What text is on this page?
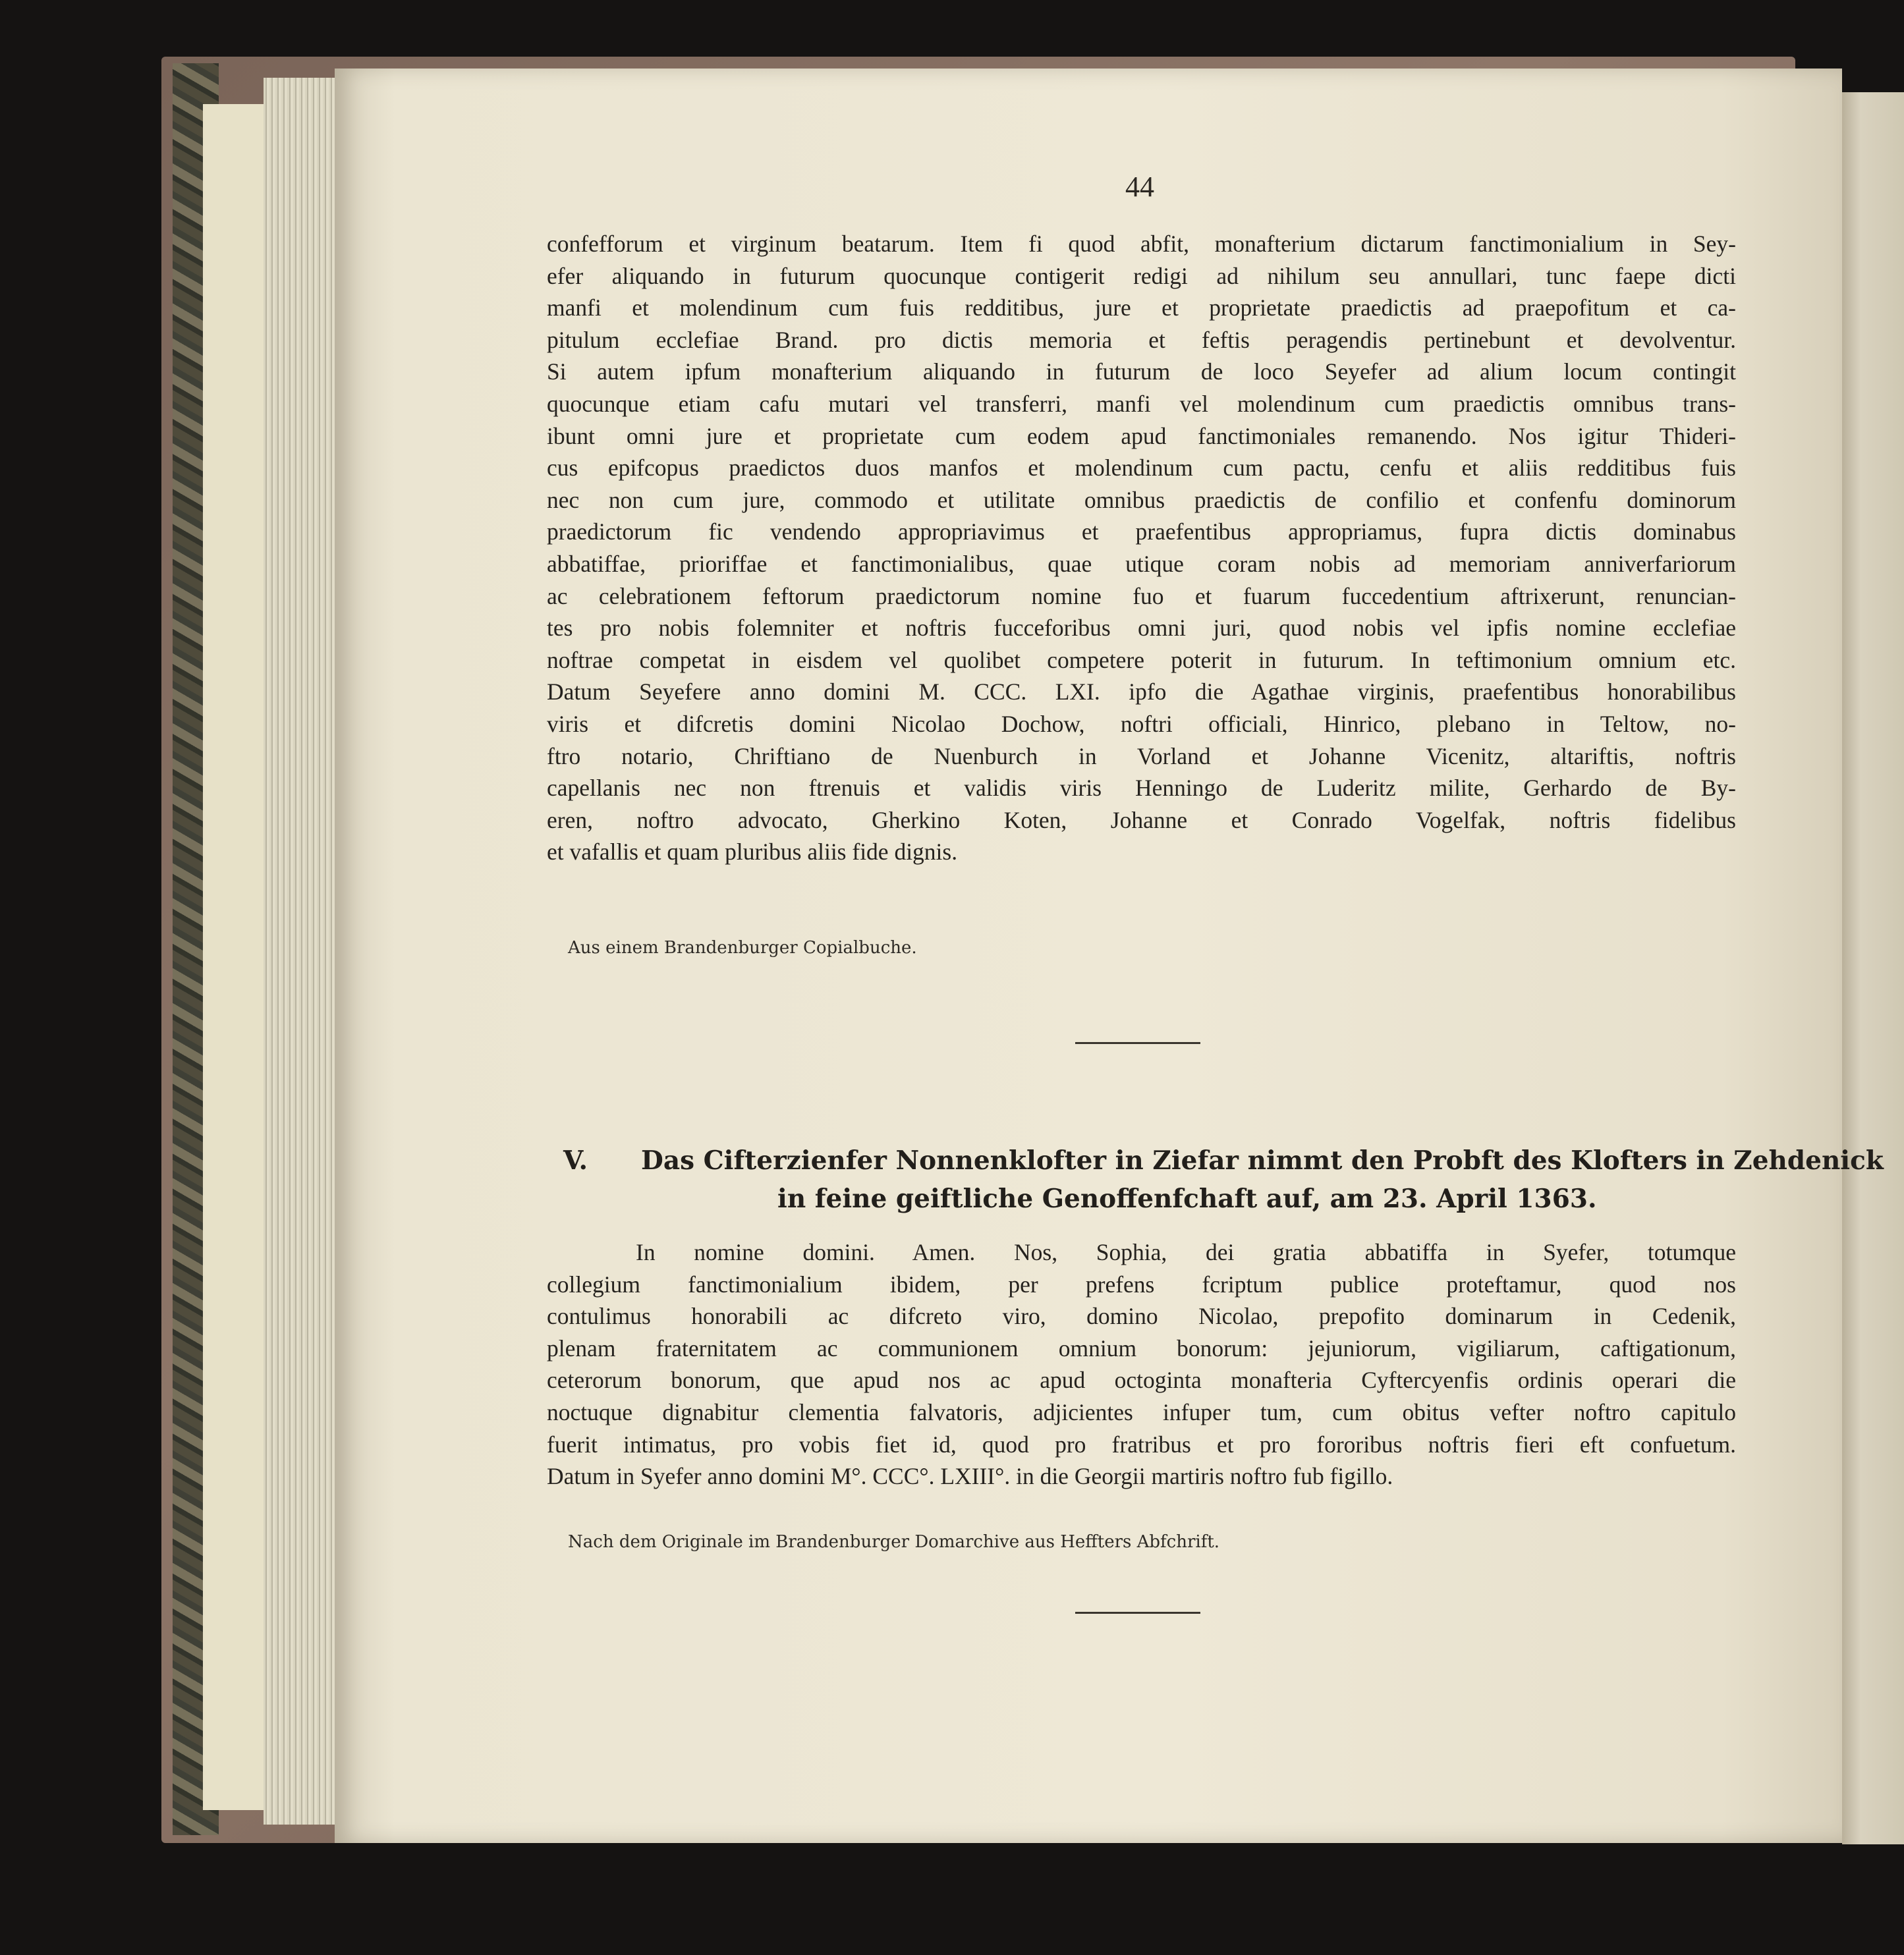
44
confefforum et virginum beatarum. Item fi quod abfit, monafterium dictarum fanctimonialium in Sey-
efer aliquando in futurum quocunque contigerit redigi ad nihilum seu annullari, tunc faepe dicti
manfi et molendinum cum fuis redditibus, jure et proprietate praedictis ad praepofitum et ca-
pitulum ecclefiae Brand. pro dictis memoria et feftis peragendis pertinebunt et devolventur.
Si autem ipfum monafterium aliquando in futurum de loco Seyefer ad alium locum contingit
quocunque etiam cafu mutari vel transferri, manfi vel molendinum cum praedictis omnibus trans-
ibunt omni jure et proprietate cum eodem apud fanctimoniales remanendo. Nos igitur Thideri-
cus epifcopus praedictos duos manfos et molendinum cum pactu, cenfu et aliis redditibus fuis
nec non cum jure, commodo et utilitate omnibus praedictis de confilio et confenfu dominorum
praedictorum fic vendendo appropriavimus et praefentibus appropriamus, fupra dictis dominabus
abbatiffae, prioriffae et fanctimonialibus, quae utique coram nobis ad memoriam anniverfariorum
ac celebrationem feftorum praedictorum nomine fuo et fuarum fuccedentium aftrixerunt, renuncian-
tes pro nobis folemniter et noftris fucceforibus omni juri, quod nobis vel ipfis nomine ecclefiae
noftrae competat in eisdem vel quolibet competere poterit in futurum. In teftimonium omnium etc.
Datum Seyefere anno domini M. CCC. LXI. ipfo die Agathae virginis, praefentibus honorabilibus
viris et difcretis domini Nicolao Dochow, noftri officiali, Hinrico, plebano in Teltow, no-
ftro notario, Chriftiano de Nuenburch in Vorland et Johanne Vicenitz, altariftis, noftris
capellanis nec non ftrenuis et validis viris Henningo de Luderitz milite, Gerhardo de By-
eren, noftro advocato, Gherkino Koten, Johanne et Conrado Vogelfak, noftris fidelibus
et vafallis et quam pluribus aliis fide dignis.
Aus einem Brandenburger Copialbuche.
V. Das Cifterzienfer Nonnenklofter in Ziefar nimmt den Probft des Klofters in Zehdenick
in feine geiftliche Genoffenfchaft auf, am 23. April 1363.
In nomine domini. Amen. Nos, Sophia, dei gratia abbatiffa in Syefer, totumque
collegium fanctimonialium ibidem, per prefens fcriptum publice proteftamur, quod nos
contulimus honorabili ac difcreto viro, domino Nicolao, prepofito dominarum in Cedenik,
plenam fraternitatem ac communionem omnium bonorum: jejuniorum, vigiliarum, caftigationum,
ceterorum bonorum, que apud nos ac apud octoginta monafteria Cyftercyenfis ordinis operari die
noctuque dignabitur clementia falvatoris, adjicientes infuper tum, cum obitus vefter noftro capitulo
fuerit intimatus, pro vobis fiet id, quod pro fratribus et pro fororibus noftris fieri eft confuetum.
Datum in Syefer anno domini M°. CCC°. LXIII°. in die Georgii martiris noftro fub figillo.
Nach dem Originale im Brandenburger Domarchive aus Heffters Abfchrift.
